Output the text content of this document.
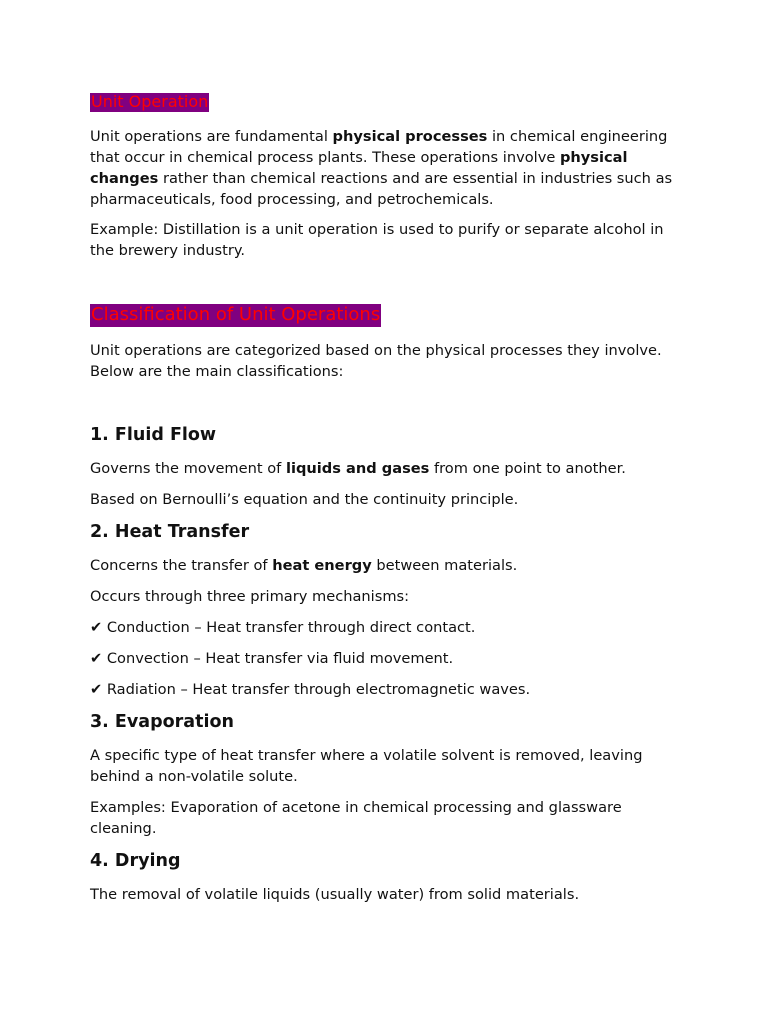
Unit Operation

Unit operations are fundamental physical processes in chemical engineering that occur in chemical process plants. These operations involve physical changes rather than chemical reactions and are essential in industries such as pharmaceuticals, food processing, and petrochemicals.

Example: Distillation is a unit operation is used to purify or separate alcohol in the brewery industry.

Classification of Unit Operations

Unit operations are categorized based on the physical processes they involve. Below are the main classifications:

1. Fluid Flow

Governs the movement of liquids and gases from one point to another.

Based on Bernoulli’s equation and the continuity principle.

2. Heat Transfer

Concerns the transfer of heat energy between materials.

Occurs through three primary mechanisms:

✔ Conduction – Heat transfer through direct contact.

✔ Convection – Heat transfer via fluid movement.

✔ Radiation – Heat transfer through electromagnetic waves.

3. Evaporation

A specific type of heat transfer where a volatile solvent is removed, leaving behind a non-volatile solute.

Examples: Evaporation of acetone in chemical processing and glassware cleaning.

4. Drying

The removal of volatile liquids (usually water) from solid materials.
